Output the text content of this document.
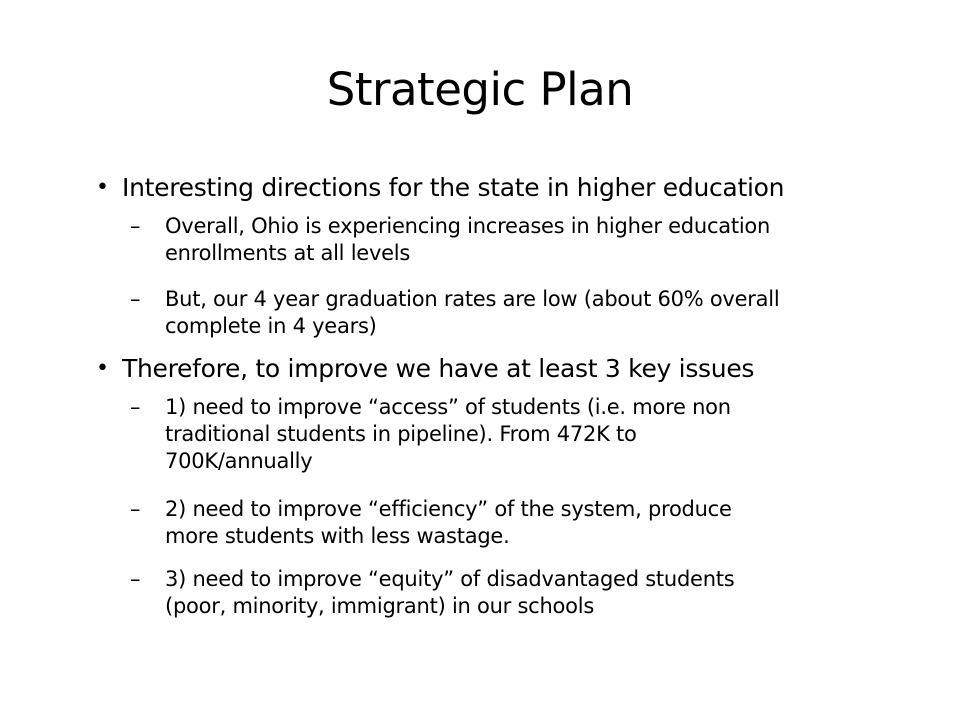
Strategic Plan
• Interesting directions for the state in higher education
–	Overall, Ohio is experiencing increases in higher education
enrollments at all levels
–	But, our 4 year graduation rates are low (about 60% overall
complete in 4 years)
• Therefore, to improve we have at least 3 key issues
–	1) need to improve “access” of students (i.e. more non
traditional students in pipeline). From 472K to
700K/annually
–	2) need to improve “efficiency” of the system, produce
more students with less wastage.
–	3) need to improve “equity” of disadvantaged students
(poor, minority, immigrant) in our schools
